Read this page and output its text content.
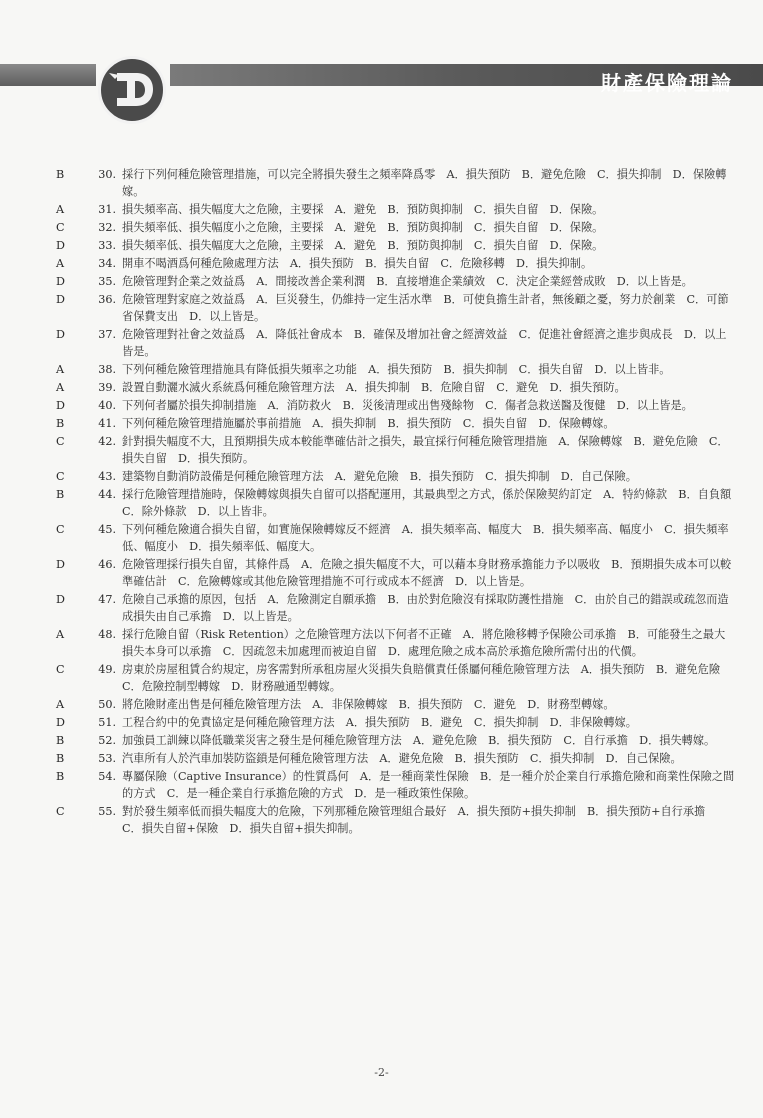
財產保險理論
B	30. 採行下列何種危險管理措施，可以完全將損失發生之頻率降爲零　A．損失預防　B．避免危險　C．損失抑制　D．保險轉嫁。
A	31. 損失頻率高、損失幅度大之危險，主要採　A．避免　B．預防與抑制　C．損失自留　D．保險。
C	32. 損失頻率低、損失幅度小之危險，主要採　A．避免　B．預防與抑制　C．損失自留　D．保險。
D	33. 損失頻率低、損失幅度大之危險，主要採　A．避免　B．預防與抑制　C．損失自留　D．保險。
A	34. 開車不喝酒爲何種危險處理方法　A．損失預防　B．損失自留　C．危險移轉　D．損失抑制。
D	35. 危險管理對企業之效益爲　A．間接改善企業利潤　B．直接增進企業績效　C．決定企業經營成敗　D．以上皆是。
D	36. 危險管理對家庭之效益爲　A．巨災發生，仍維持一定生活水準　B．可使負擔生計者，無後顧之憂，努力於創業　C．可節省保費支出　D．以上皆是。
D	37. 危險管理對社會之效益爲　A．降低社會成本　B．確保及增加社會之經濟效益　C．促進社會經濟之進步與成長　D．以上皆是。
A	38. 下列何種危險管理措施具有降低損失頻率之功能　A．損失預防　B．損失抑制　C．損失自留　D．以上皆非。
A	39. 設置自動灑水滅火系統爲何種危險管理方法　A．損失抑制　B．危險自留　C．避免　D．損失預防。
D	40. 下列何者屬於損失抑制措施　A．消防救火　B．災後清理或出售殘餘物　C．傷者急救送醫及復健　D．以上皆是。
B	41. 下列何種危險管理措施屬於事前措施　A．損失抑制　B．損失預防　C．損失自留　D．保險轉嫁。
C	42. 針對損失幅度不大，且預期損失成本較能準確估計之損失，最宜採行何種危險管理措施　A．保險轉嫁　B．避免危險　C．損失自留　D．損失預防。
C	43. 建築物自動消防設備是何種危險管理方法　A．避免危險　B．損失預防　C．損失抑制　D．自己保險。
B	44. 採行危險管理措施時，保險轉嫁與損失自留可以搭配運用，其最典型之方式，係於保險契約訂定　A．特約條款　B．自負額　C．除外條款　D．以上皆非。
C	45. 下列何種危險適合損失自留，如實施保險轉嫁反不經濟　A．損失頻率高、幅度大　B．損失頻率高、幅度小　C．損失頻率低、幅度小　D．損失頻率低、幅度大。
D	46. 危險管理採行損失自留，其條件爲　A．危險之損失幅度不大，可以藉本身財務承擔能力予以吸收　B．預期損失成本可以較準確估計　C．危險轉嫁或其他危險管理措施不可行或成本不經濟　D．以上皆是。
D	47. 危險自己承擔的原因，包括　A．危險測定自願承擔　B．由於對危險沒有採取防護性措施　C．由於自己的錯誤或疏忽而造成損失由自己承擔　D．以上皆是。
A	48. 採行危險自留（Risk Retention）之危險管理方法以下何者不正確　A．將危險移轉予保險公司承擔　B．可能發生之最大損失本身可以承擔　C．因疏忽未加處理而被迫自留　D．處理危險之成本高於承擔危險所需付出的代價。
C	49. 房東於房屋租賃合約規定，房客需對所承租房屋火災損失負賠償責任係屬何種危險管理方法　A．損失預防　B．避免危險　C．危險控制型轉嫁　D．財務融通型轉嫁。
A	50. 將危險財產出售是何種危險管理方法　A．非保險轉嫁　B．損失預防　C．避免　D．財務型轉嫁。
D	51. 工程合約中的免責協定是何種危險管理方法　A．損失預防　B．避免　C．損失抑制　D．非保險轉嫁。
B	52. 加強員工訓練以降低職業災害之發生是何種危險管理方法　A．避免危險　B．損失預防　C．自行承擔　D．損失轉嫁。
B	53. 汽車所有人於汽車加裝防盜鎖是何種危險管理方法　A．避免危險　B．損失預防　C．損失抑制　D．自己保險。
B	54. 專屬保險（Captive Insurance）的性質爲何　A．是一種商業性保險　B．是一種介於企業自行承擔危險和商業性保險之間的方式　C．是一種企業自行承擔危險的方式　D．是一種政策性保險。
C	55. 對於發生頻率低而損失幅度大的危險，下列那種危險管理組合最好　A．損失預防+損失抑制　B．損失預防+自行承擔　C．損失自留+保險　D．損失自留+損失抑制。
-2-
